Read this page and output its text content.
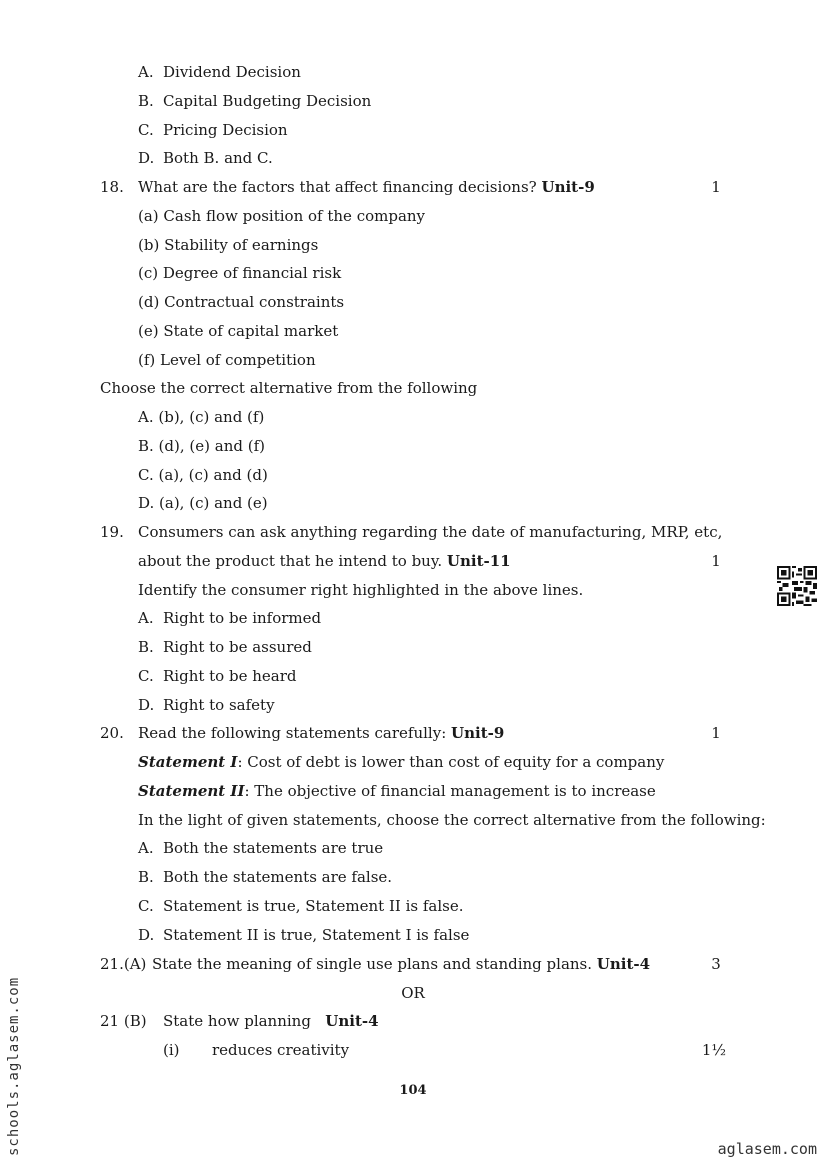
A. Dividend Decision
B. Capital Budgeting Decision
C. Pricing Decision
D. Both B. and C.
18. What are the factors that affect financing decisions? Unit-9	1
(a) Cash flow position of the company
(b) Stability of earnings
(c) Degree of financial risk
(d) Contractual constraints
(e) State of capital market
(f) Level of competition
Choose the correct alternative from the following
A. (b), (c) and (f)
B. (d), (e) and (f)
C. (a), (c) and (d)
D. (a), (c) and (e)
19. Consumers can ask anything regarding the date of manufacturing, MRP, etc,
about the product that he intend to buy. Unit-11	1
Identify the consumer right highlighted in the above lines.
A. Right to be informed
B. Right to be assured
C. Right to be heard
D. Right to safety
20. Read the following statements carefully: Unit-9	1
Statement I: Cost of debt is lower than cost of equity for a company
Statement II: The objective of financial management is to increase
In the light of given statements, choose the correct alternative from the following:
A. Both the statements are true
B. Both the statements are false.
C. Statement is true, Statement II is false.
D. Statement II is true, Statement I is false
21.(A) State the meaning of single use plans and standing plans. Unit-4	3
OR
21 (B) State how planning Unit-4
(i) reduces creativity	1½
104
schools.aglasem.com	aglasem.com
